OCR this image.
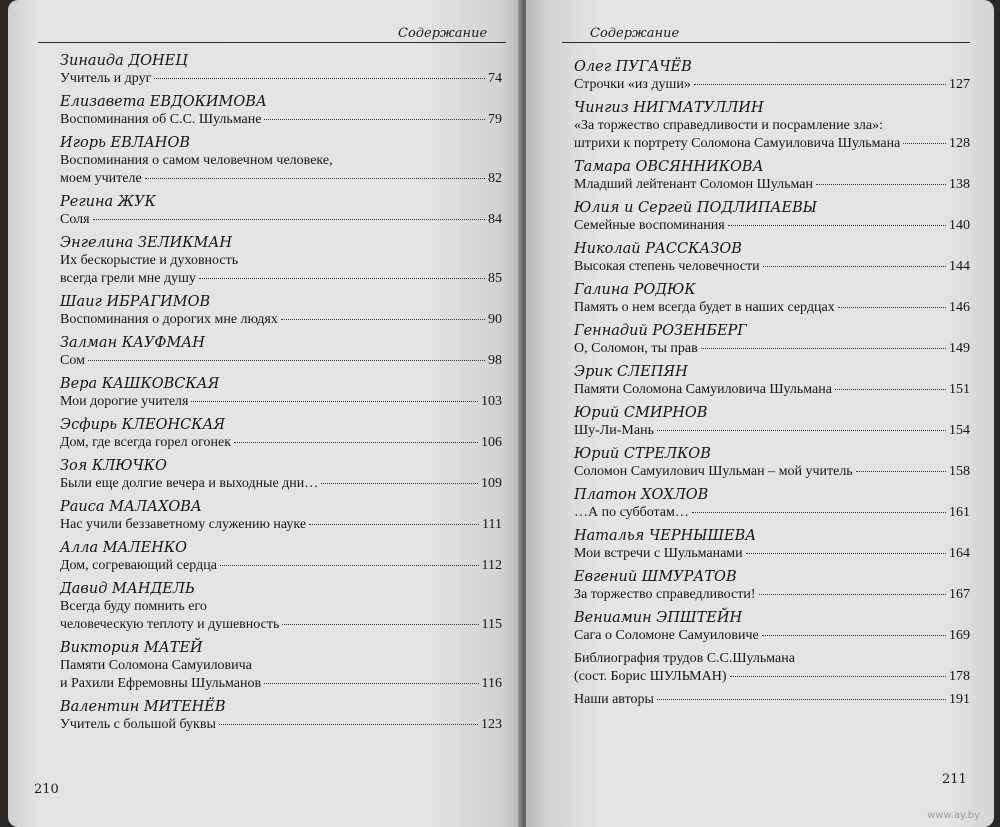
Содержание
Зинаида ДОНЕЦ
Учитель и друг	74
Елизавета ЕВДОКИМОВА
Воспоминания об С.С. Шульмане	79
Игорь ЕВЛАНОВ
Воспоминания о самом человечном человеке,
моем учителе	82
Регина ЖУК
Соля	84
Энгелина ЗЕЛИКМАН
Их бескорыстие и духовность
всегда грели мне душу	85
Шаиг ИБРАГИМОВ
Воспоминания о дорогих мне людях	90
Залман КАУФМАН
Сом	98
Вера КАШКОВСКАЯ
Мои дорогие учителя	103
Эсфирь КЛЕОНСКАЯ
Дом, где всегда горел огонек	106
Зоя КЛЮЧКО
Были еще долгие вечера и выходные дни…	109
Раиса МАЛАХОВА
Нас учили беззаветному служению науке	111
Алла МАЛЕНКО
Дом, согревающий сердца	112
Давид МАНДЕЛЬ
Всегда буду помнить его
человеческую теплоту и душевность	115
Виктория МАТЕЙ
Памяти Соломона Самуиловича
и Рахили Ефремовны Шульманов	116
Валентин МИТЕНЁВ
Учитель с большой буквы	123
210
Содержание
Олег ПУГАЧЁВ
Строчки «из души»	127
Чингиз НИГМАТУЛЛИН
«За торжество справедливости и посрамление зла»:
штрихи к портрету Соломона Самуиловича Шульмана	128
Тамара ОВСЯННИКОВА
Младший лейтенант Соломон Шульман	138
Юлия и Сергей ПОДЛИПАЕВЫ
Семейные воспоминания	140
Николай РАССКАЗОВ
Высокая степень человечности	144
Галина РОДЮК
Память о нем всегда будет в наших сердцах	146
Геннадий РОЗЕНБЕРГ
О, Соломон, ты прав	149
Эрик СЛЕПЯН
Памяти Соломона Самуиловича Шульмана	151
Юрий СМИРНОВ
Шу-Ли-Мань	154
Юрий СТРЕЛКОВ
Соломон Самуилович Шульман – мой учитель	158
Платон ХОХЛОВ
…А по субботам…	161
Наталья ЧЕРНЫШЕВА
Мои встречи с Шульманами	164
Евгений ШМУРАТОВ
За торжество справедливости!	167
Вениамин ЭПШТЕЙН
Сага о Соломоне Самуиловиче	169
Библиография трудов С.С.Шульмана
(сост. Борис ШУЛЬМАН)	178
Наши авторы	191
211
www.ay.by
